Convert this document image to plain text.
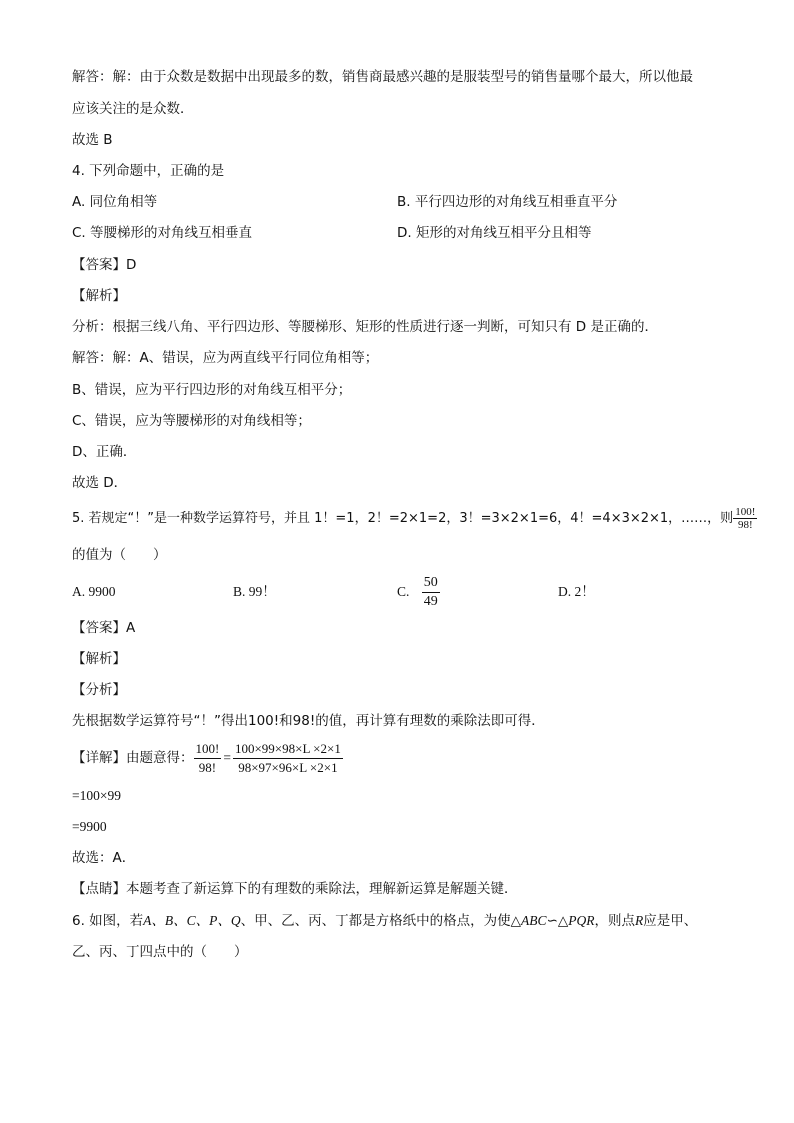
解答：解：由于众数是数据中出现最多的数，销售商最感兴趣的是服装型号的销售量哪个最大，所以他最
应该关注的是众数．
故选 B
4. 下列命题中，正确的是
A. 同位角相等	B. 平行四边形的对角线互相垂直平分
C. 等腰梯形的对角线互相垂直	D. 矩形的对角线互相平分且相等
【答案】D
【解析】
分析：根据三线八角、平行四边形、等腰梯形、矩形的性质进行逐一判断，可知只有 D 是正确的．
解答：解：A、错误，应为两直线平行同位角相等；
B、错误，应为平行四边形的对角线互相平分；
C、错误，应为等腰梯形的对角线相等；
D、正确．
故选 D．
5. 若规定“！”是一种数学运算符号，并且 1！=1，2！=2×1=2，3！=3×2×1=6，4！=4×3×2×1，……，则 $\frac{100!}{98!}$
的值为（　　）
A. 9900	B. 99！	C. $\frac{50}{49}$	D. 2！
【答案】A
【解析】
【分析】
先根据数学运算符号“！”得出100!和98!的值，再计算有理数的乘除法即可得．
【详解】由题意得： $\frac{100!}{98!} = \frac{100\times 99\times 98\times L \times 2\times 1}{98\times 97\times 96\times L \times 2\times 1}$
=100×99
=9900
故选：A．
【点睛】本题考查了新运算下的有理数的乘除法，理解新运算是解题关键．
6. 如图，若A、B、C、P、Q、甲、乙、丙、丁都是方格纸中的格点，为使△ABC∽△PQR，则点R应是甲、
乙、丙、丁四点中的（　　）
